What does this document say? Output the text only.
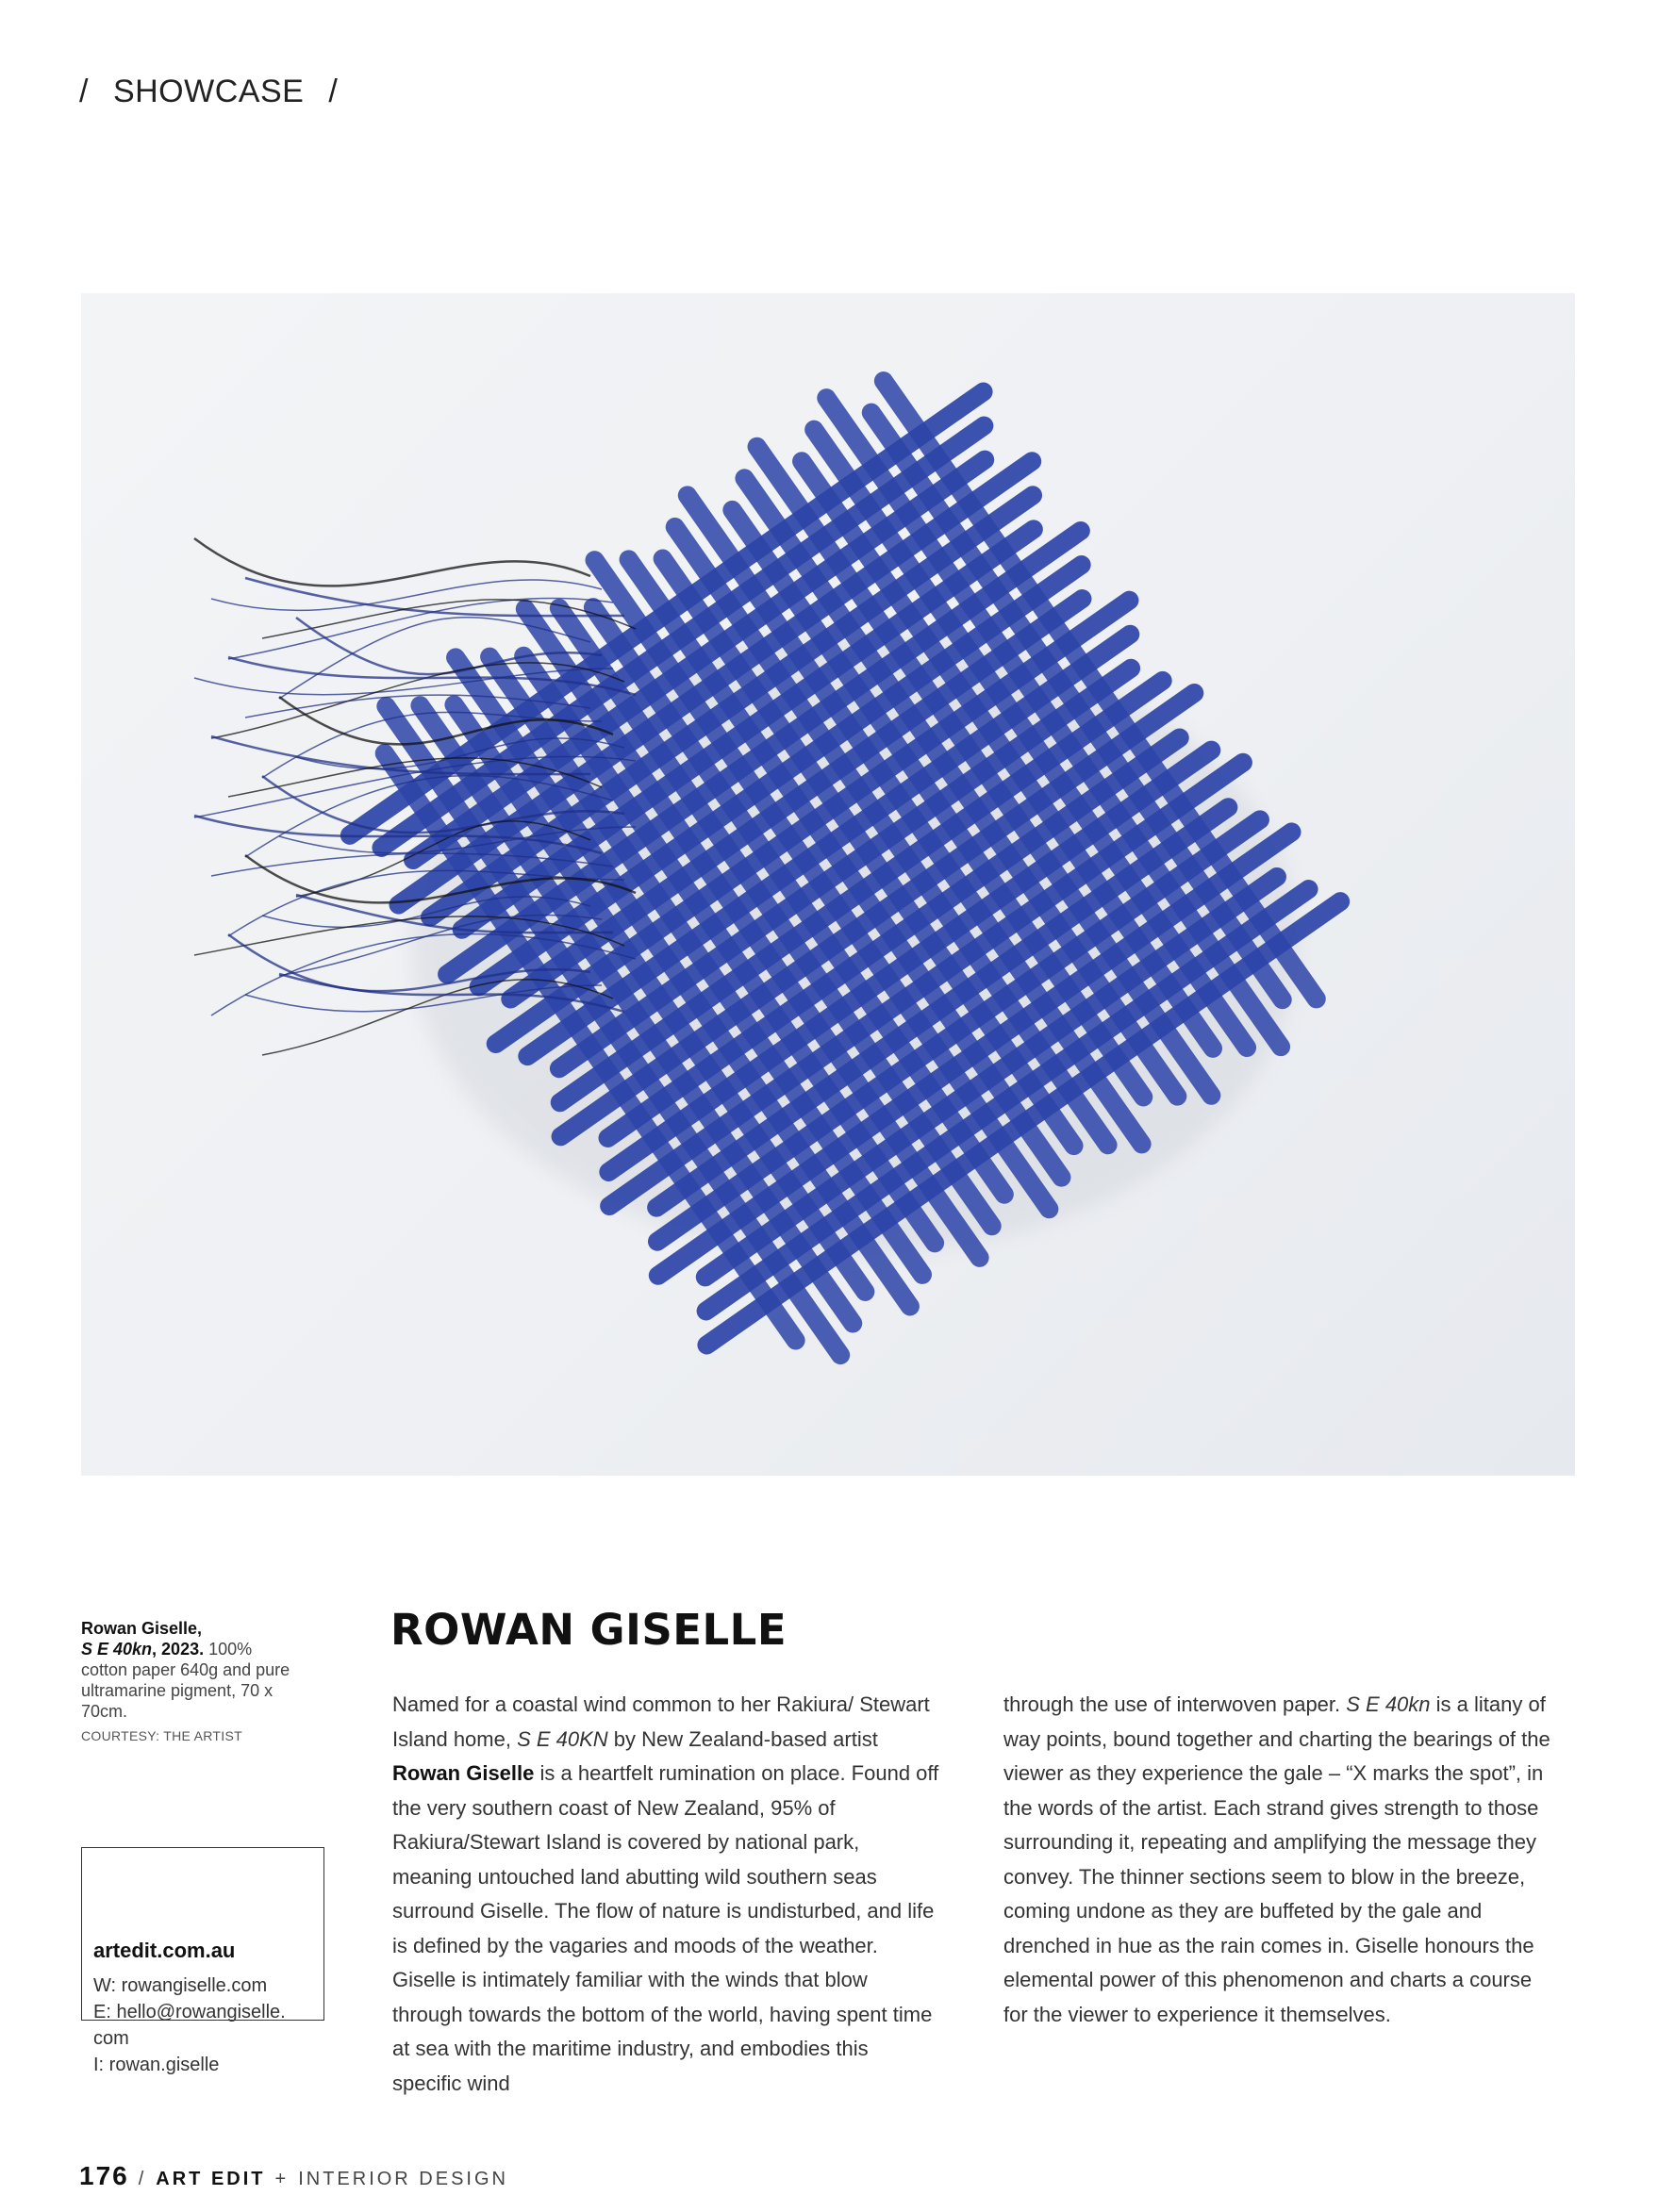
/ SHOWCASE /
Rowan Giselle,
S E 40kn, 2023. 100% cotton paper 640g and pure ultramarine pigment, 70 x 70cm.
COURTESY: THE ARTIST
artedit.com.au
W: rowangiselle.com
E: hello@rowangiselle. com
I: rowan.giselle
ROWAN GISELLE
Named for a coastal wind common to her Rakiura/ Stewart Island home, S E 40KN by New Zealand-based artist Rowan Giselle is a heartfelt rumination on place. Found off the very southern coast of New Zealand, 95% of Rakiura/Stewart Island is covered by national park, meaning untouched land abutting wild southern seas surround Giselle. The flow of nature is undisturbed, and life is defined by the vagaries and moods of the weather. Giselle is intimately familiar with the winds that blow through towards the bottom of the world, having spent time at sea with the maritime industry, and embodies this specific wind
through the use of interwoven paper. S E 40kn is a litany of way points, bound together and charting the bearings of the viewer as they experience the gale – “X marks the spot”, in the words of the artist. Each strand gives strength to those surrounding it, repeating and amplifying the message they convey. The thinner sections seem to blow in the breeze, coming undone as they are buffeted by the gale and drenched in hue as the rain comes in. Giselle honours the elemental power of this phenomenon and charts a course for the viewer to experience it themselves.
176 / ART EDIT + INTERIOR DESIGN
